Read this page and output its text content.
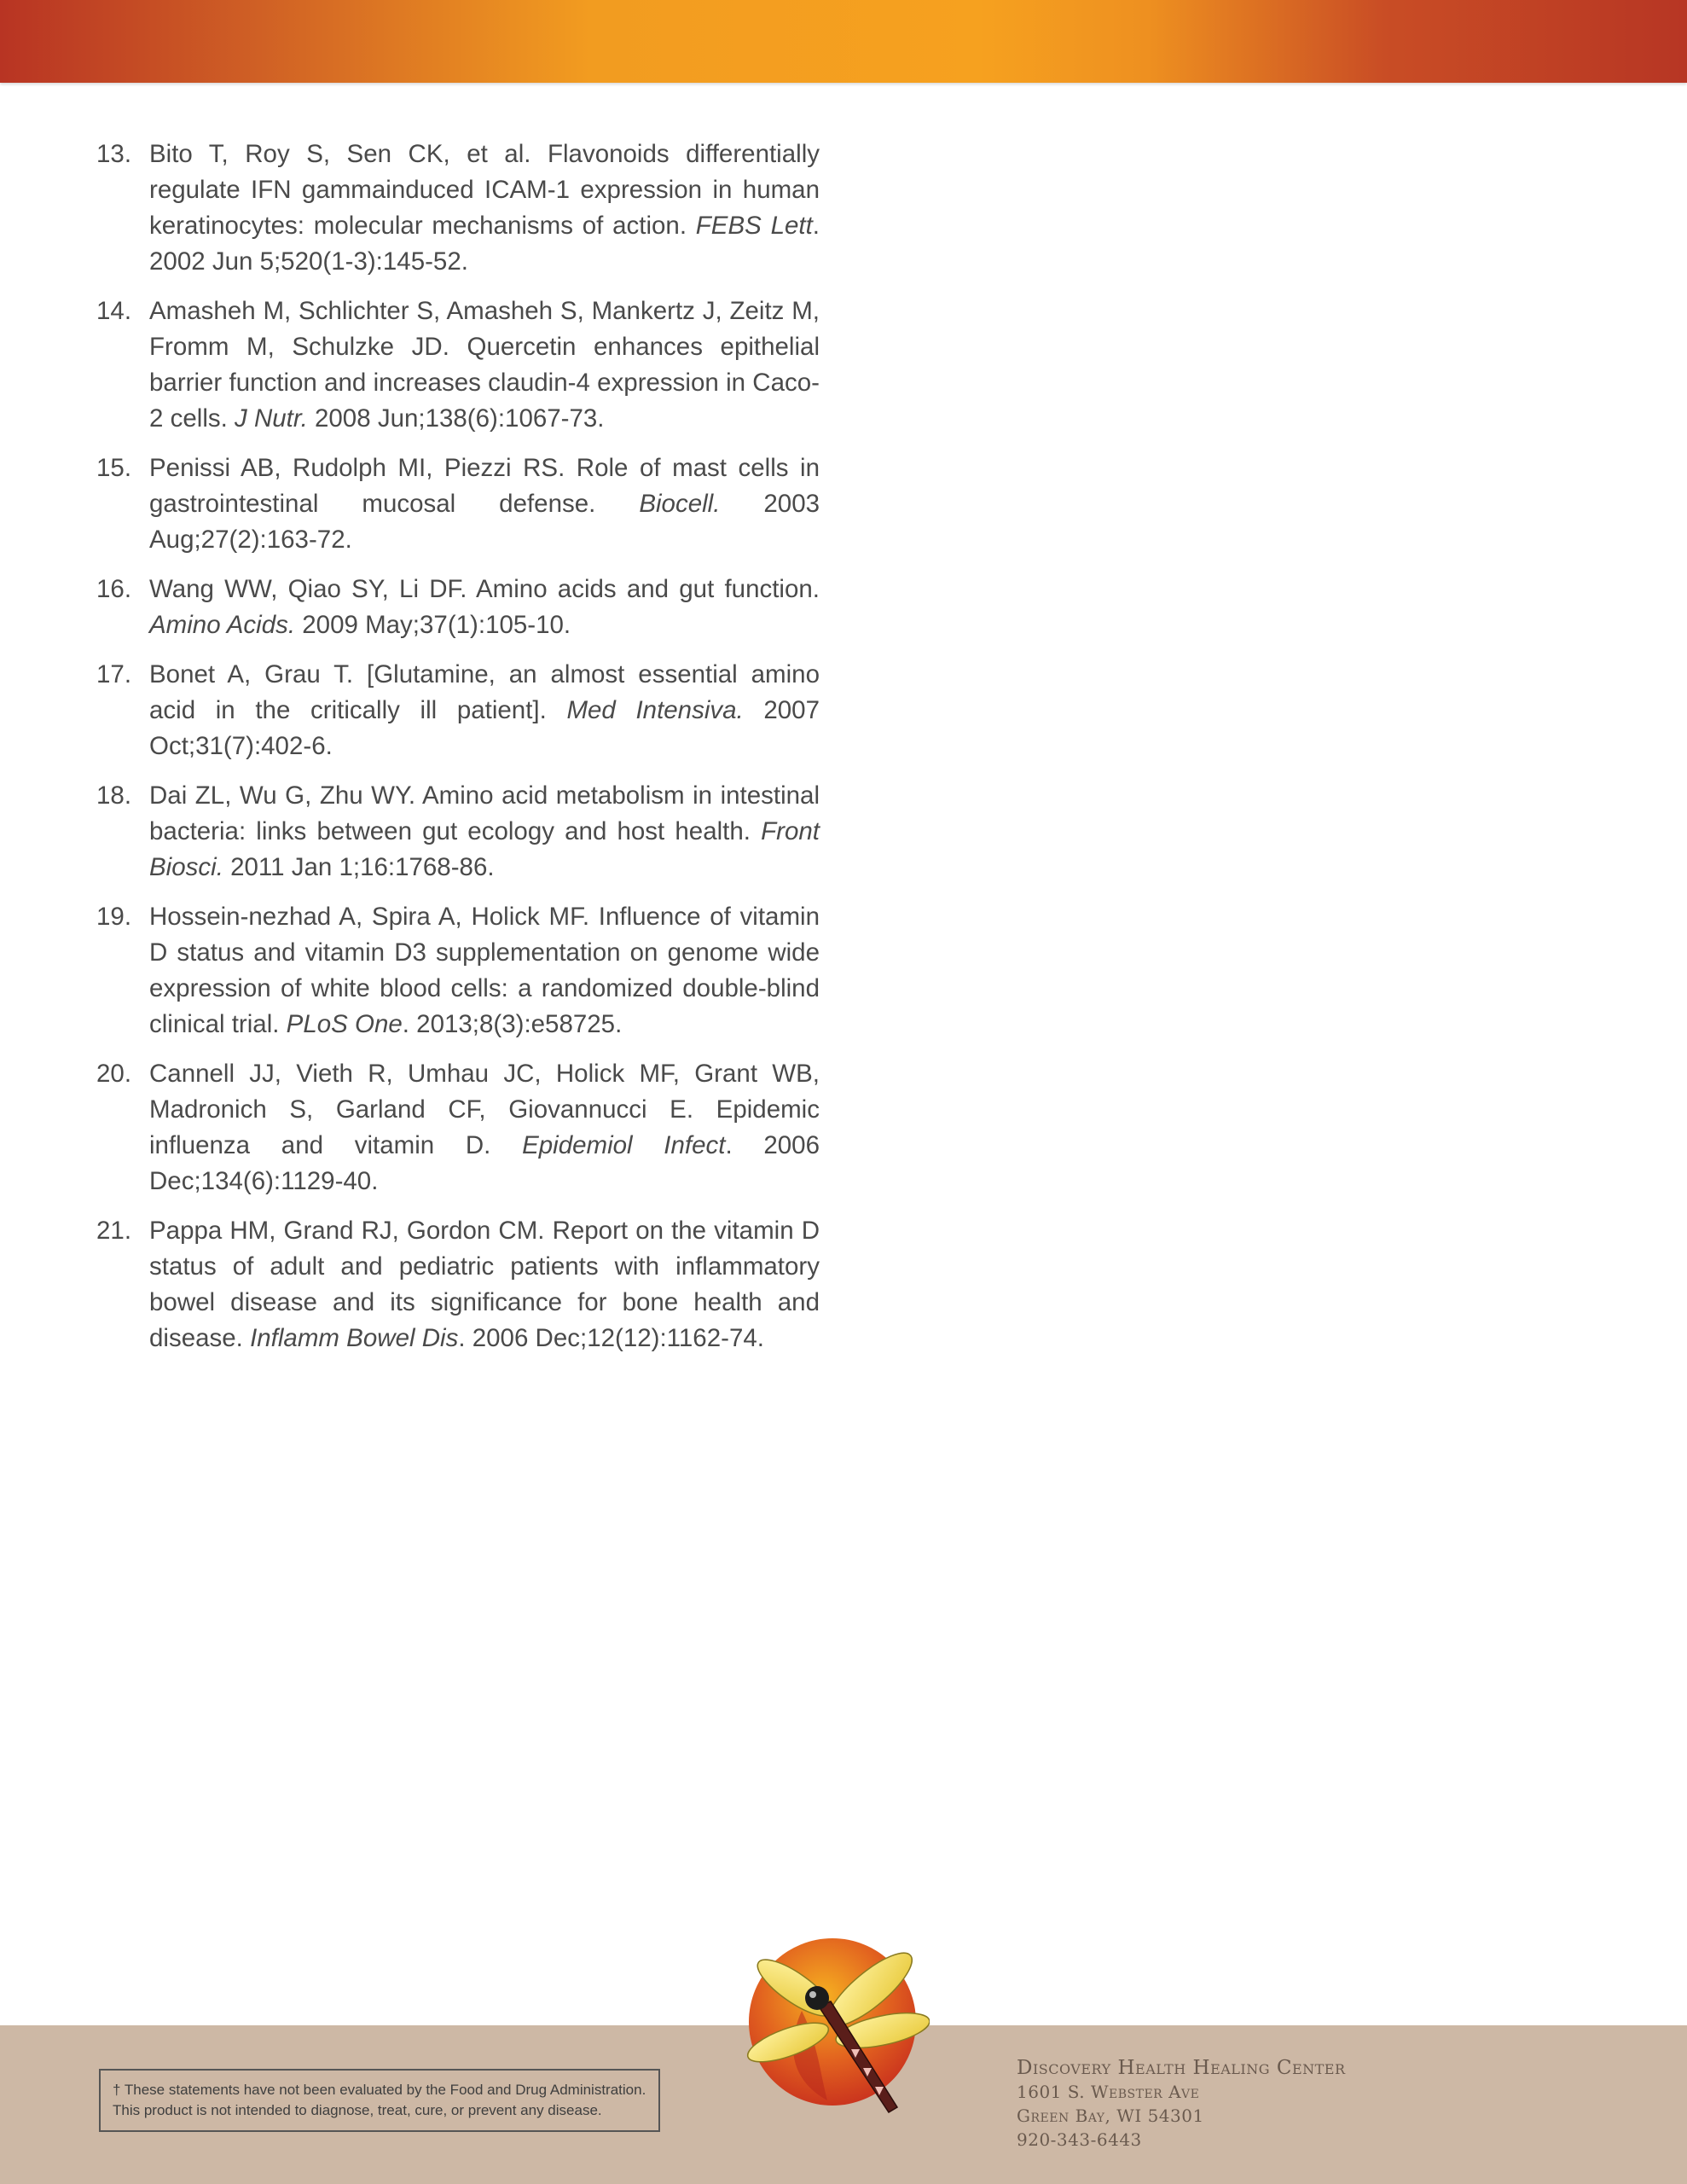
13. Bito T, Roy S, Sen CK, et al. Flavonoids differentially regulate IFN gammainduced ICAM-1 expression in human keratinocytes: molecular mechanisms of action. FEBS Lett. 2002 Jun 5;520(1-3):145-52.
14. Amasheh M, Schlichter S, Amasheh S, Mankertz J, Zeitz M, Fromm M, Schulzke JD. Quercetin enhances epithelial barrier function and increases claudin-4 expression in Caco-2 cells. J Nutr. 2008 Jun;138(6):1067-73.
15. Penissi AB, Rudolph MI, Piezzi RS. Role of mast cells in gastrointestinal mucosal defense. Biocell. 2003 Aug;27(2):163-72.
16. Wang WW, Qiao SY, Li DF. Amino acids and gut function. Amino Acids. 2009 May;37(1):105-10.
17. Bonet A, Grau T. [Glutamine, an almost essential amino acid in the critically ill patient]. Med Intensiva. 2007 Oct;31(7):402-6.
18. Dai ZL, Wu G, Zhu WY. Amino acid metabolism in intestinal bacteria: links between gut ecology and host health. Front Biosci. 2011 Jan 1;16:1768-86.
19. Hossein-nezhad A, Spira A, Holick MF. Influence of vitamin D status and vitamin D3 supplementation on genome wide expression of white blood cells: a randomized double-blind clinical trial. PLoS One. 2013;8(3):e58725.
20. Cannell JJ, Vieth R, Umhau JC, Holick MF, Grant WB, Madronich S, Garland CF, Giovannucci E. Epidemic influenza and vitamin D. Epidemiol Infect. 2006 Dec;134(6):1129-40.
21. Pappa HM, Grand RJ, Gordon CM. Report on the vitamin D status of adult and pediatric patients with inflammatory bowel disease and its significance for bone health and disease. Inflamm Bowel Dis. 2006 Dec;12(12):1162-74.
† These statements have not been evaluated by the Food and Drug Administration.
This product is not intended to diagnose, treat, cure, or prevent any disease.
Discovery Health Healing Center
1601 S. Webster Ave
Green Bay, WI 54301
920-343-6443
